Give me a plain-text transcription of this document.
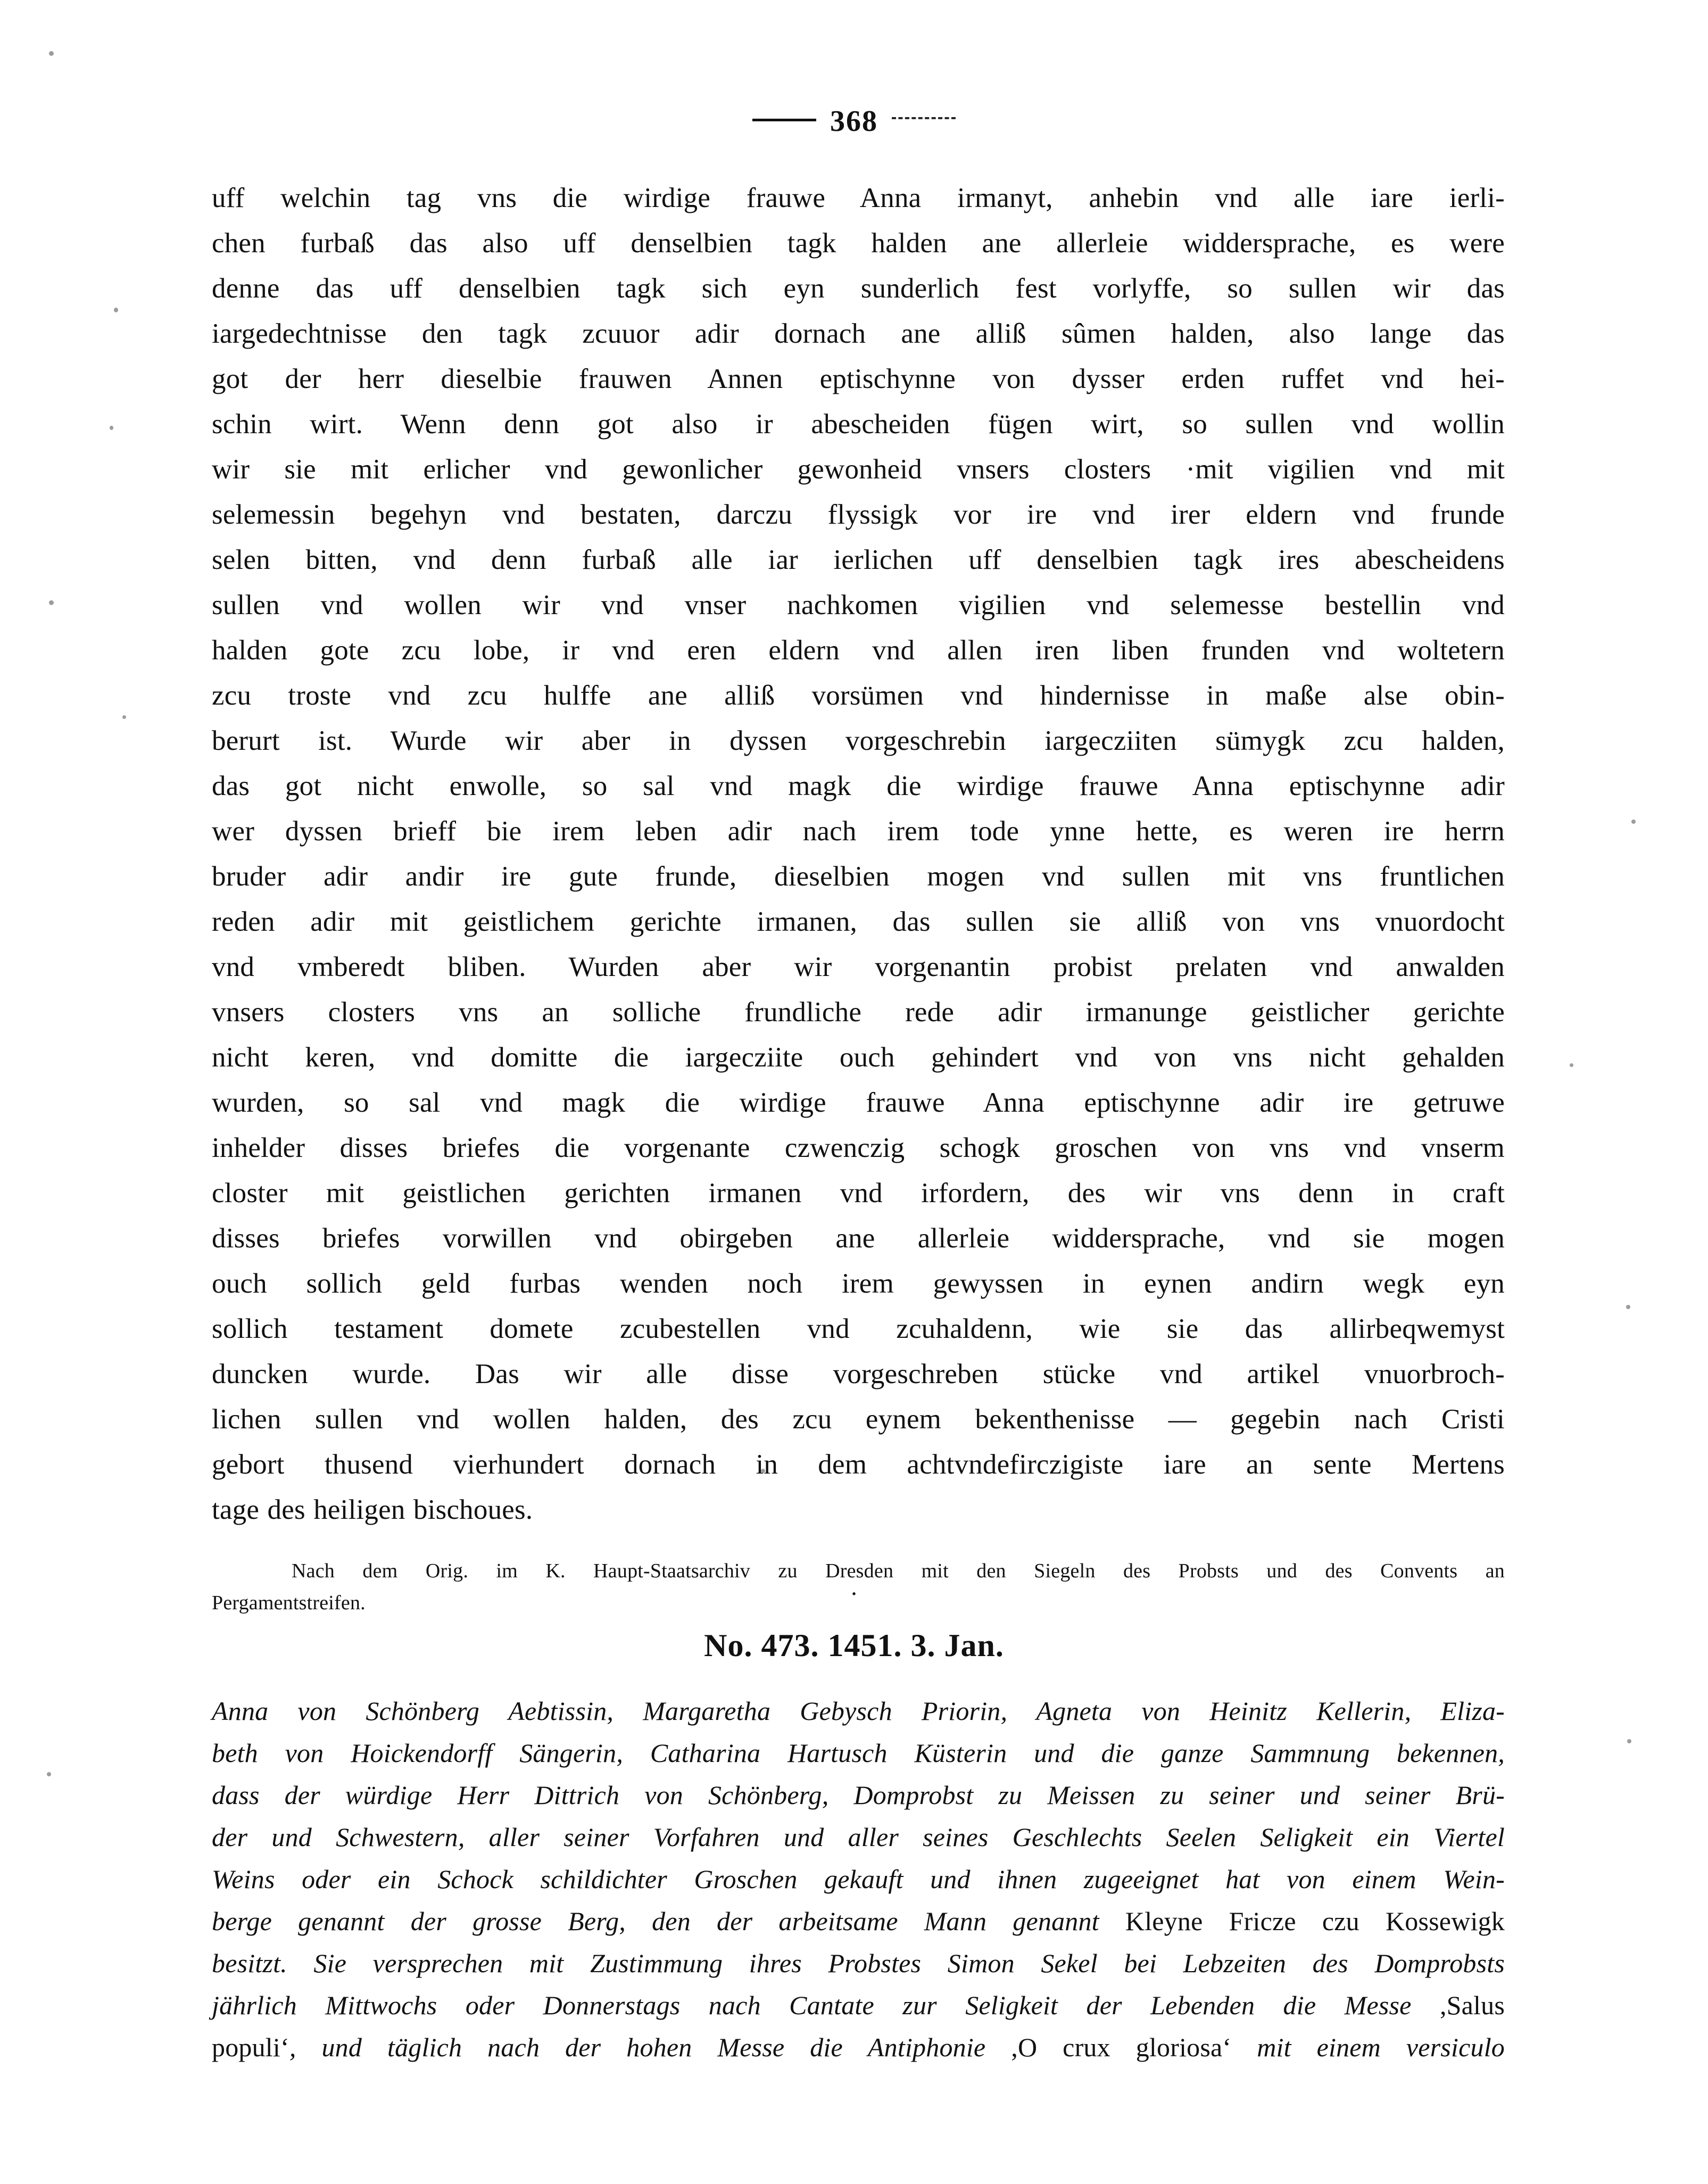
368
uff welchin tag vns die wirdige frauwe Anna irmanyt, anhebin vnd alle iare ierli-
chen furbaß das also uff denselbien tagk halden ane allerleie widdersprache, es were
denne das uff denselbien tagk sich eyn sunderlich fest vorlyffe, so sullen wir das
iargedechtnisse den tagk zcuuor adir dornach ane alliß sûmen halden, also lange das
got der herr dieselbie frauwen Annen eptischynne von dysser erden ruffet vnd hei-
schin wirt. Wenn denn got also ir abescheiden fügen wirt, so sullen vnd wollin
wir sie mit erlicher vnd gewonlicher gewonheid vnsers closters ·mit vigilien vnd mit
selemessin begehyn vnd bestaten, darczu flyssigk vor ire vnd irer eldern vnd frunde
selen bitten, vnd denn furbaß alle iar ierlichen uff denselbien tagk ires abescheidens
sullen vnd wollen wir vnd vnser nachkomen vigilien vnd selemesse bestellin vnd
halden gote zcu lobe, ir vnd eren eldern vnd allen iren liben frunden vnd woltetern
zcu troste vnd zcu hulffe ane alliß vorsümen vnd hindernisse in maße alse obin-
berurt ist. Wurde wir aber in dyssen vorgeschrebin iargecziiten sümygk zcu halden,
das got nicht enwolle, so sal vnd magk die wirdige frauwe Anna eptischynne adir
wer dyssen brieff bie irem leben adir nach irem tode ynne hette, es weren ire herrn
bruder adir andir ire gute frunde, dieselbien mogen vnd sullen mit vns fruntlichen
reden adir mit geistlichem gerichte irmanen, das sullen sie alliß von vns vnuordocht
vnd vmberedt bliben. Wurden aber wir vorgenantin probist prelaten vnd anwalden
vnsers closters vns an solliche frundliche rede adir irmanunge geistlicher gerichte
nicht keren, vnd domitte die iargecziite ouch gehindert vnd von vns nicht gehalden
wurden, so sal vnd magk die wirdige frauwe Anna eptischynne adir ire getruwe
inhelder disses briefes die vorgenante czwenczig schogk groschen von vns vnd vnserm
closter mit geistlichen gerichten irmanen vnd irfordern, des wir vns denn in craft
disses briefes vorwillen vnd obirgeben ane allerleie widdersprache, vnd sie mogen
ouch sollich geld furbas wenden noch irem gewyssen in eynen andirn wegk eyn
sollich testament domete zcubestellen vnd zcuhaldenn, wie sie das allirbeqwemyst
duncken wurde. Das wir alle disse vorgeschreben stücke vnd artikel vnuorbroch-
lichen sullen vnd wollen halden, des zcu eynem bekenthenisse — gegebin nach Cristi
gebort thusend vierhundert dornach in dem achtvndefirczigiste iare an sente Mertens
tage des heiligen bischoues.
Nach dem Orig. im K. Haupt-Staatsarchiv zu Dresden mit den Siegeln des Probsts und des Convents an
Pergamentstreifen.	·
No. 473. 1451. 3. Jan.
Anna von Schönberg Aebtissin, Margaretha Gebysch Priorin, Agneta von Heinitz Kellerin, Eliza-
beth von Hoickendorff Sängerin, Catharina Hartusch Küsterin und die ganze Sammnung bekennen,
dass der würdige Herr Dittrich von Schönberg, Domprobst zu Meissen zu seiner und seiner Brü-
der und Schwestern, aller seiner Vorfahren und aller seines Geschlechts Seelen Seligkeit ein Viertel
Weins oder ein Schock schildichter Groschen gekauft und ihnen zugeeignet hat von einem Wein-
berge genannt der grosse Berg, den der arbeitsame Mann genannt Kleyne Fricze czu Kossewigk
besitzt. Sie versprechen mit Zustimmung ihres Probstes Simon Sekel bei Lebzeiten des Domprobsts
jährlich Mittwochs oder Donnerstags nach Cantate zur Seligkeit der Lebenden die Messe ,Salus
populi‘, und täglich nach der hohen Messe die Antiphonie ,O crux gloriosa‘ mit einem versiculo
